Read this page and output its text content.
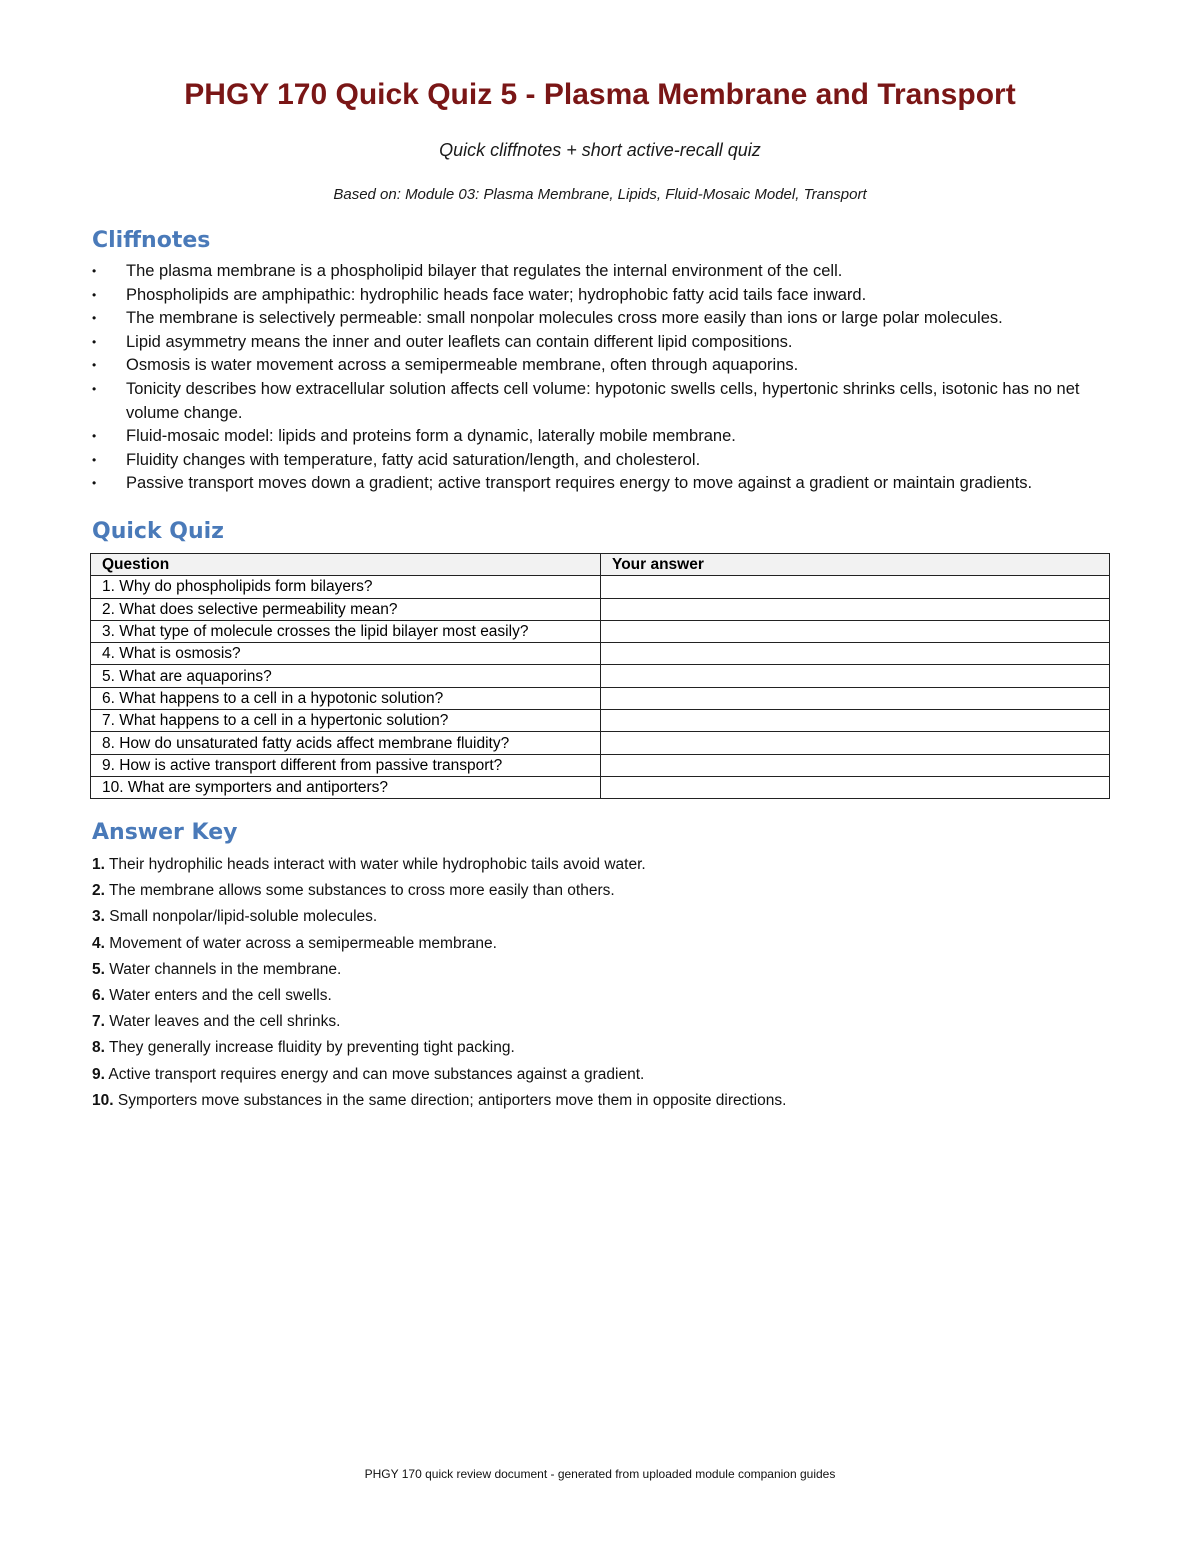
PHGY 170 Quick Quiz 5 - Plasma Membrane and Transport

Quick cliffnotes + short active-recall quiz

Based on: Module 03: Plasma Membrane, Lipids, Fluid-Mosaic Model, Transport

Cliffnotes
• The plasma membrane is a phospholipid bilayer that regulates the internal environment of the cell.
• Phospholipids are amphipathic: hydrophilic heads face water; hydrophobic fatty acid tails face inward.
• The membrane is selectively permeable: small nonpolar molecules cross more easily than ions or large polar molecules.
• Lipid asymmetry means the inner and outer leaflets can contain different lipid compositions.
• Osmosis is water movement across a semipermeable membrane, often through aquaporins.
• Tonicity describes how extracellular solution affects cell volume: hypotonic swells cells, hypertonic shrinks cells, isotonic has no net volume change.
• Fluid-mosaic model: lipids and proteins form a dynamic, laterally mobile membrane.
• Fluidity changes with temperature, fatty acid saturation/length, and cholesterol.
• Passive transport moves down a gradient; active transport requires energy to move against a gradient or maintain gradients.
Quick Quiz
Question	Your answer
1. Why do phospholipids form bilayers?	
2. What does selective permeability mean?	
3. What type of molecule crosses the lipid bilayer most easily?	
4. What is osmosis?	
5. What are aquaporins?	
6. What happens to a cell in a hypotonic solution?	
7. What happens to a cell in a hypertonic solution?	
8. How do unsaturated fatty acids affect membrane fluidity?	
9. How is active transport different from passive transport?	
10. What are symporters and antiporters?	
Answer Key
1. Their hydrophilic heads interact with water while hydrophobic tails avoid water.
2. The membrane allows some substances to cross more easily than others.
3. Small nonpolar/lipid-soluble molecules.
4. Movement of water across a semipermeable membrane.
5. Water channels in the membrane.
6. Water enters and the cell swells.
7. Water leaves and the cell shrinks.
8. They generally increase fluidity by preventing tight packing.
9. Active transport requires energy and can move substances against a gradient.
10. Symporters move substances in the same direction; antiporters move them in opposite directions.

PHGY 170 quick review document - generated from uploaded module companion guides
